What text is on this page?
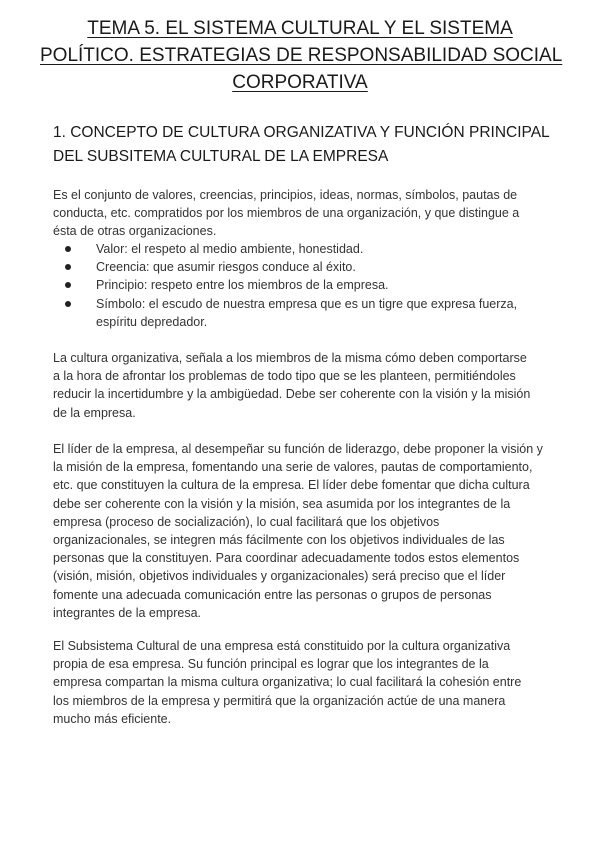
TEMA 5. EL SISTEMA CULTURAL Y EL SISTEMA
POLÍTICO. ESTRATEGIAS DE RESPONSABILIDAD SOCIAL
CORPORATIVA
1. CONCEPTO DE CULTURA ORGANIZATIVA Y FUNCIÓN PRINCIPAL
DEL SUBSITEMA CULTURAL DE LA EMPRESA

Es el conjunto de valores, creencias, principios, ideas, normas, símbolos, pautas de
conducta, etc. compratidos por los miembros de una organización, y que distingue a
ésta de otras organizaciones.

Valor: el respeto al medio ambiente, honestidad.
Creencia: que asumir riesgos conduce al éxito.
Principio: respeto entre los miembros de la empresa.
Símbolo: el escudo de nuestra empresa que es un tigre que expresa fuerza,
espíritu depredador.

La cultura organizativa, señala a los miembros de la misma cómo deben comportarse
a la hora de afrontar los problemas de todo tipo que se les planteen, permitiéndoles
reducir la incertidumbre y la ambigüedad. Debe ser coherente con la visión y la misión
de la empresa.

El líder de la empresa, al desempeñar su función de liderazgo, debe proponer la visión y
la misión de la empresa, fomentando una serie de valores, pautas de comportamiento,
etc. que constituyen la cultura de la empresa. El líder debe fomentar que dicha cultura
debe ser coherente con la visión y la misión, sea asumida por los integrantes de la
empresa (proceso de socialización), lo cual facilitará que los objetivos
organizacionales, se integren más fácilmente con los objetivos individuales de las
personas que la constituyen. Para coordinar adecuadamente todos estos elementos
(visión, misión, objetivos individuales y organizacionales) será preciso que el líder
fomente una adecuada comunicación entre las personas o grupos de personas
integrantes de la empresa.

El Subsistema Cultural de una empresa está constituido por la cultura organizativa
propia de esa empresa. Su función principal es lograr que los integrantes de la
empresa compartan la misma cultura organizativa; lo cual facilitará la cohesión entre
los miembros de la empresa y permitirá que la organización actúe de una manera
mucho más eficiente.
